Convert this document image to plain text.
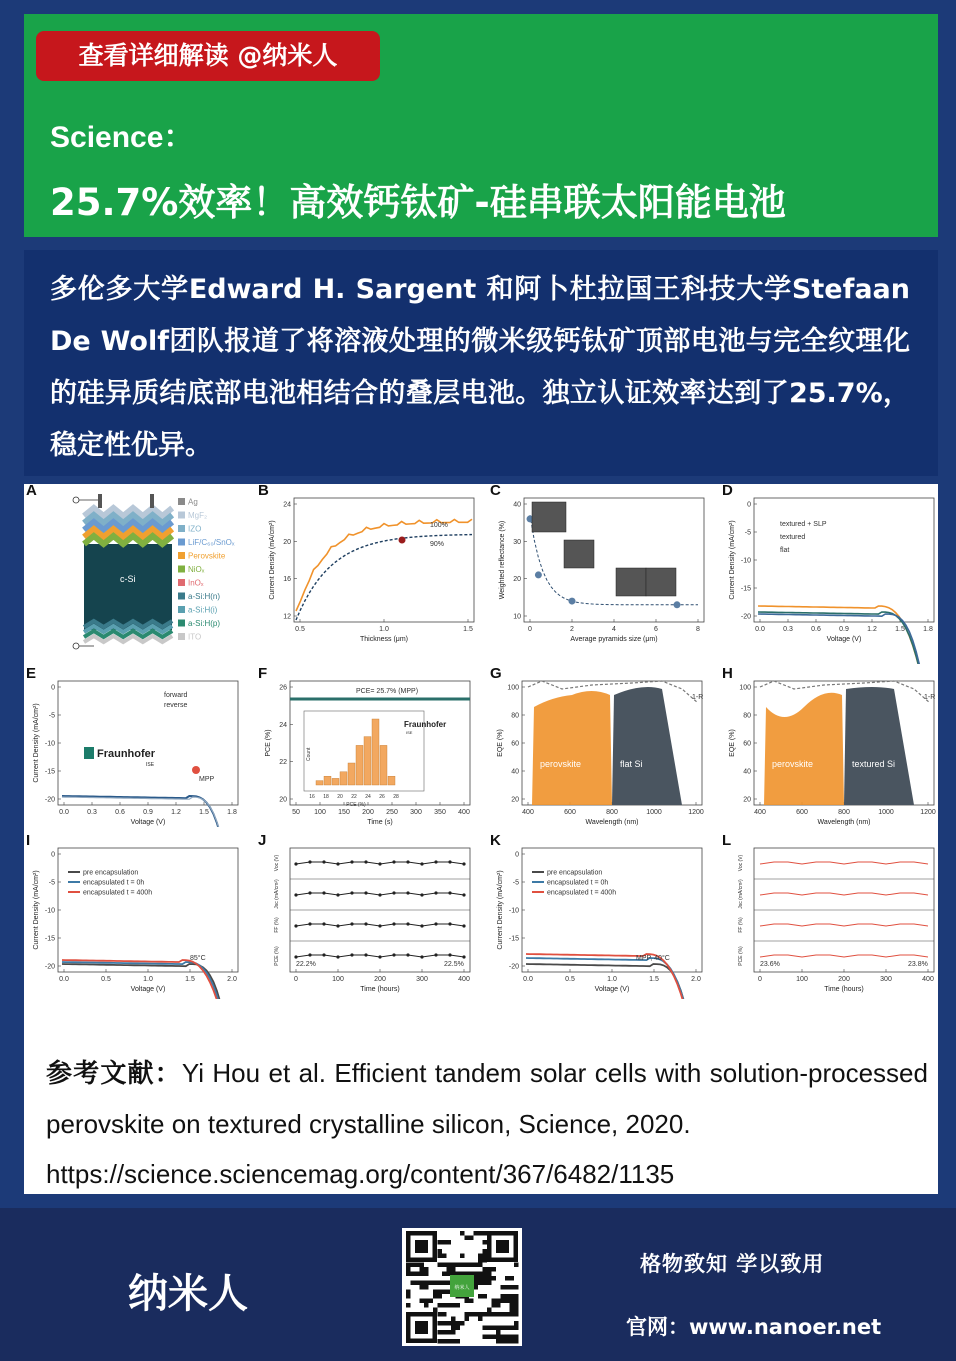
查看详细解读 @纳米人
Science：
25.7%效率！高效钙钛矿-硅串联太阳能电池
多伦多大学Edward H. Sargent 和阿卜杜拉国王科技大学Stefaan De Wolf团队报道了将溶液处理的微米级钙钛矿顶部电池与完全纹理化的硅异质结底部电池相结合的叠层电池。独立认证效率达到了25.7%，稳定性优异。
A
c-Si
Ag
MgF₂
IZO
LiF/C₆₀/SnOₓ
Perovskite
NiOₓ
InOₓ
a-Si:H(n)
a-Si:H(i)
a-Si:H(p)
ITO
B
24
20
16
12
0.5	1.0	1.5
Thickness (μm)
Current Density (mA/cm²)	100%
90%
C
40
30
20
10
0	2	4	6	8
Average pyramids size (μm)
Weighted reflectance (%)
D
0
-5
-10
-15
-20
0.0	0.3	0.6	0.9	1.2	1.5	1.8
Voltage (V)
Current Density (mA/cm²)	textured + SLP
textured
flat
E
0
-5
-10
-15
-20
0.0	0.3	0.6	0.9	1.2	1.5	1.8
Voltage (V)
Current Density (mA/cm²)	MPP
forward
reverse
Fraunhofer
ISE
F
26
24
22
20
50 100 150 200 250 300 350 400
Time (s)
PCE (%)
PCE= 25.7% (MPP)
16 18 20 22 24 26 28
PCE (%)
Count
Fraunhofer
ISE
G
100
80
60
40
20
400	600	800	1000	1200
Wavelength (nm)
EQE (%)
1-R
perovskite	flat Si
H
100
80
60
40
20
400	600	800	1000	1200
Wavelength (nm)
EQE (%)
1-R
perovskite	textured Si
I
0
-5
-10
-15
-20
0.0	0.5	1.0	1.5	2.0
Voltage (V)
Current Density (mA/cm²)	pre encapsulation
encapsulated t = 0h
encapsulated t = 400h
85°C
K
0
-5
-10
-15
-20
0.0	0.5	1.0	1.5	2.0
Voltage (V)
Current Density (mA/cm²)	pre encapsulation
encapsulated t = 0h
encapsulated t = 400h
MPP, 40°C
J
0	100	200	300	400
Time (hours)
Voc (V)
Jsc (mA/cm²)
FF (%)
PCE (%) 22.2%	22.5%
L
0	100	200	300	400
Time (hours)
Voc (V)
Jsc (mA/cm²)
FF (%)
PCE (%) 23.6%	23.8%
参考文献：Yi Hou et al. Efficient tandem solar cells with solution-processed perovskite on textured crystalline silicon, Science, 2020.
https://science.sciencemag.org/content/367/6482/1135
纳米人	纳米人
格物致知 学以致用
官网：www.nanoer.net
